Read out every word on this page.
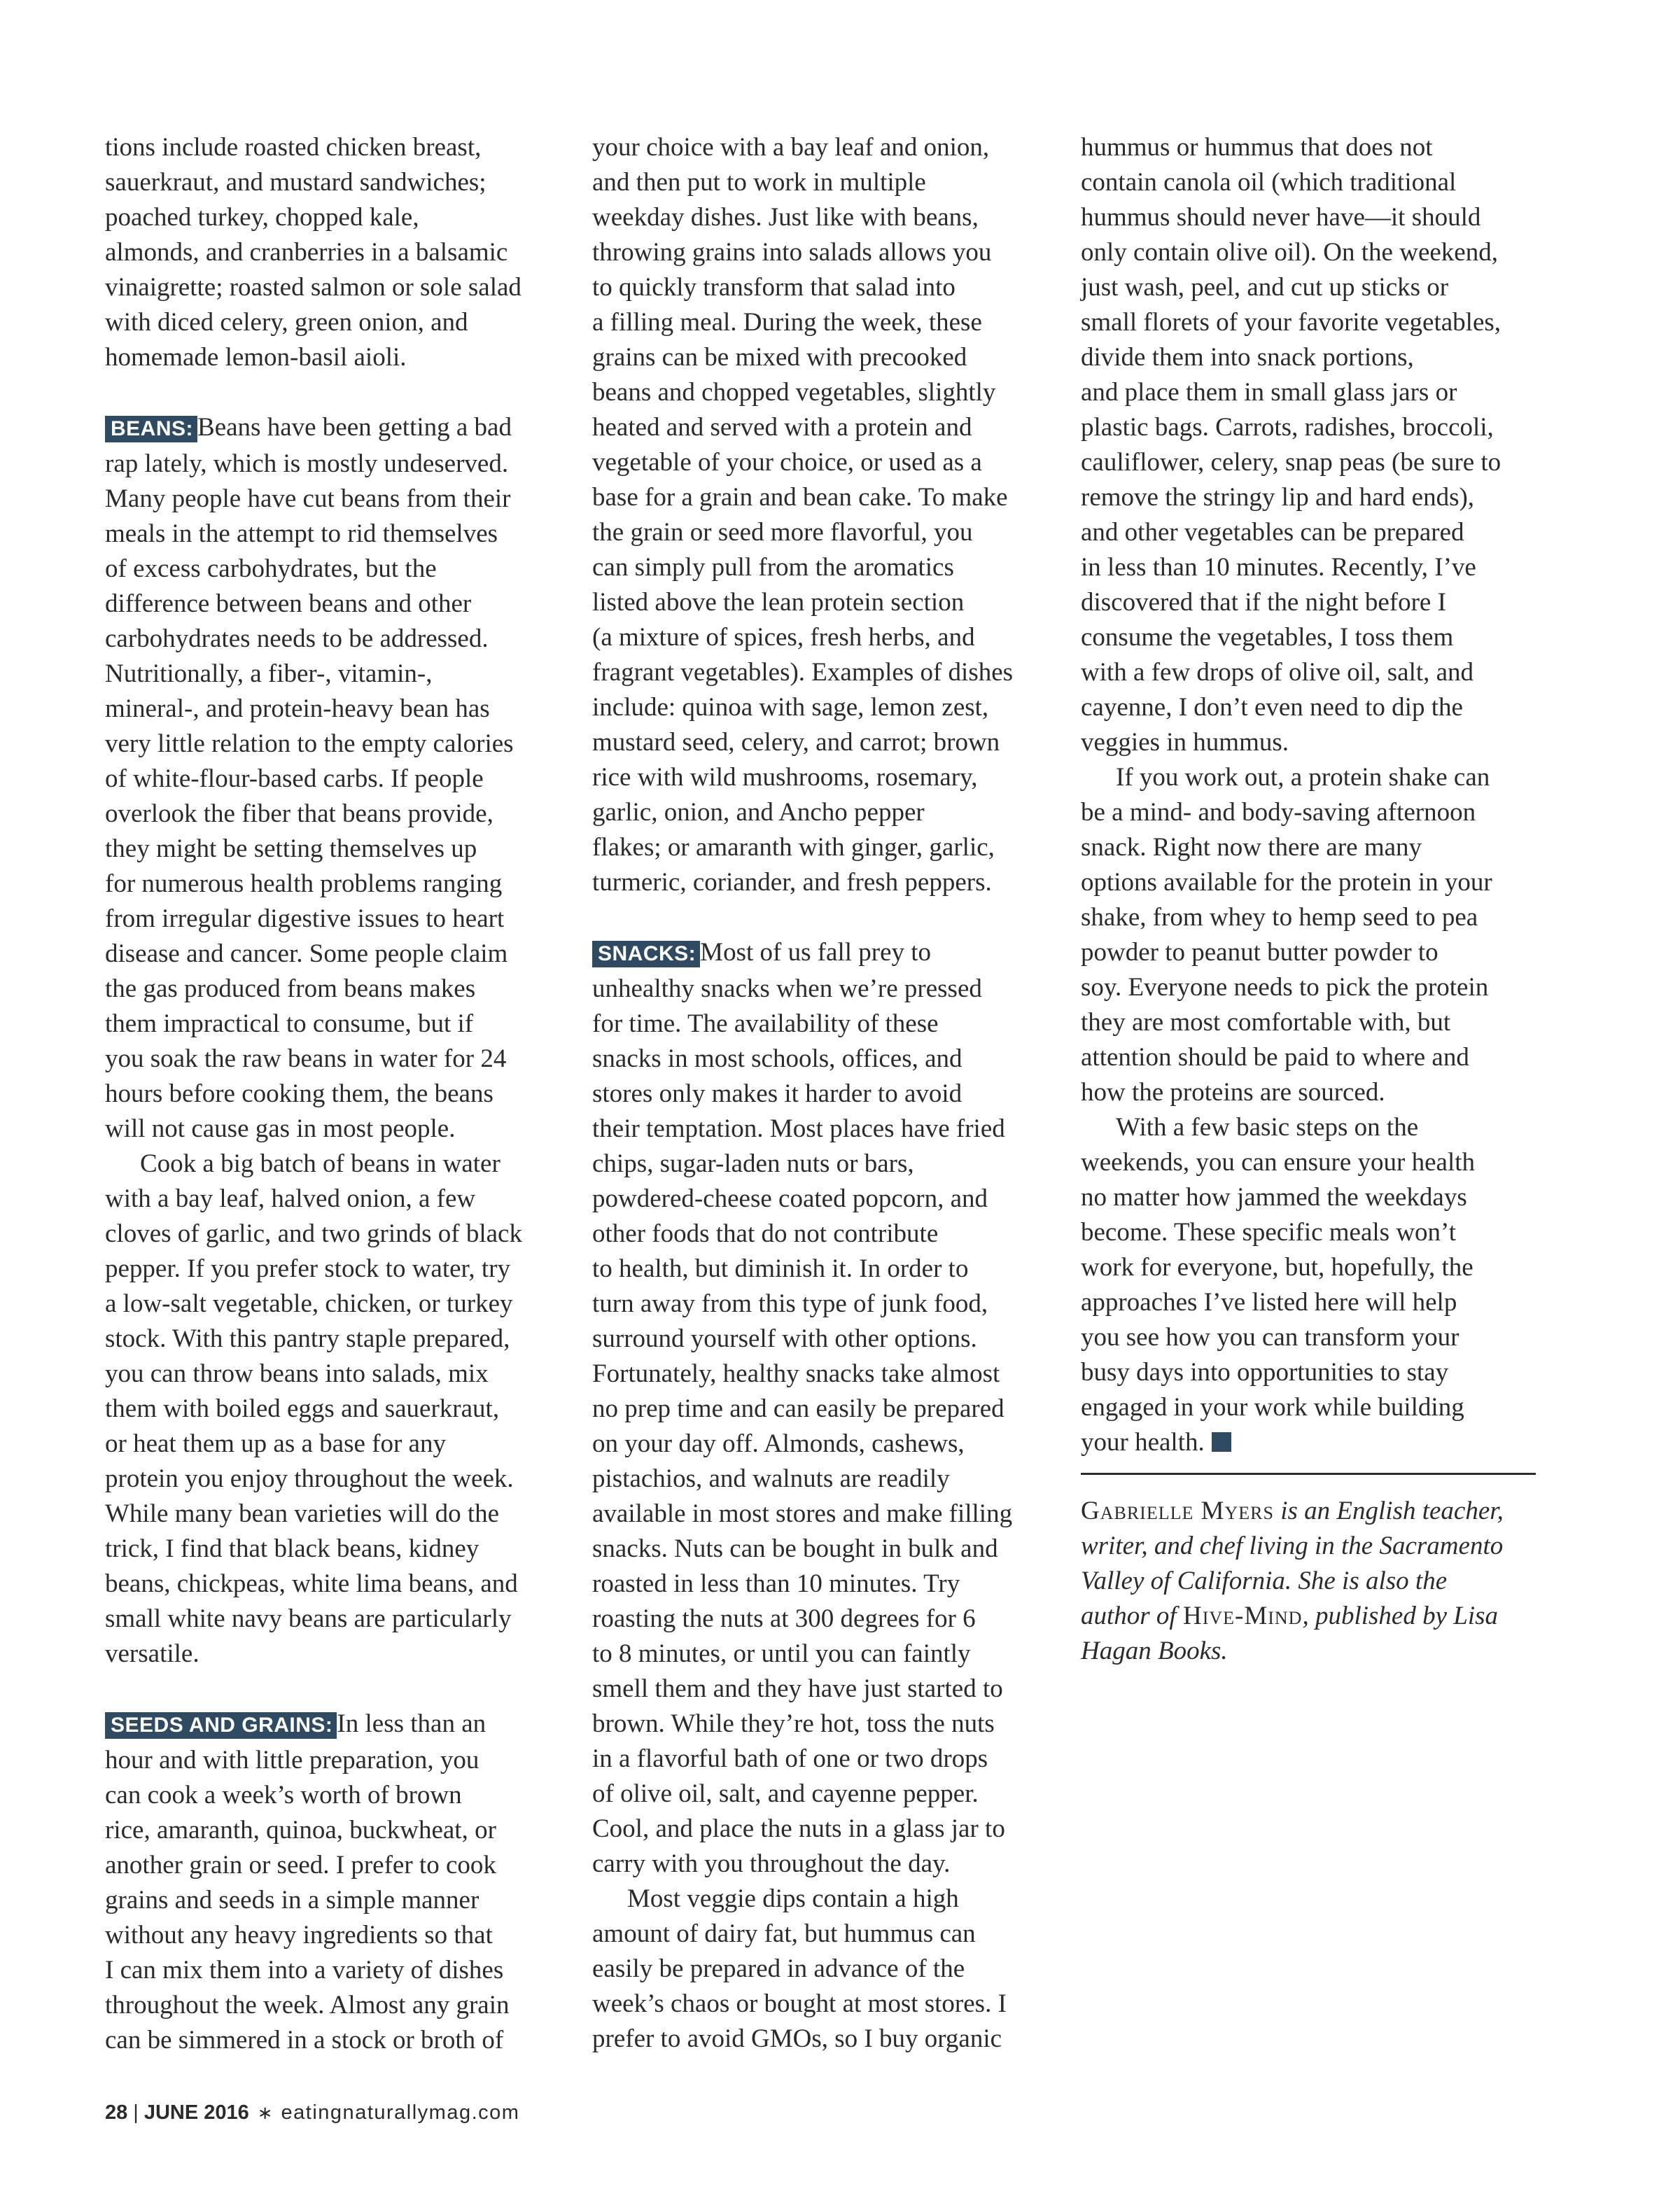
tions include roasted chicken breast,
sauerkraut, and mustard sandwiches;
poached turkey, chopped kale,
almonds, and cranberries in a balsamic
vinaigrette; roasted salmon or sole salad
with diced celery, green onion, and
homemade lemon-basil aioli.

BEANS: Beans have been getting a bad
rap lately, which is mostly undeserved.
Many people have cut beans from their
meals in the attempt to rid themselves
of excess carbohydrates, but the
difference between beans and other
carbohydrates needs to be addressed.
Nutritionally, a fiber-, vitamin-,
mineral-, and protein-heavy bean has
very little relation to the empty calories
of white-flour-based carbs. If people
overlook the fiber that beans provide,
they might be setting themselves up
for numerous health problems ranging
from irregular digestive issues to heart
disease and cancer. Some people claim
the gas produced from beans makes
them impractical to consume, but if
you soak the raw beans in water for 24
hours before cooking them, the beans
will not cause gas in most people.

Cook a big batch of beans in water
with a bay leaf, halved onion, a few
cloves of garlic, and two grinds of black
pepper. If you prefer stock to water, try
a low-salt vegetable, chicken, or turkey
stock. With this pantry staple prepared,
you can throw beans into salads, mix
them with boiled eggs and sauerkraut,
or heat them up as a base for any
protein you enjoy throughout the week.
While many bean varieties will do the
trick, I find that black beans, kidney
beans, chickpeas, white lima beans, and
small white navy beans are particularly
versatile.

SEEDS AND GRAINS: In less than an
hour and with little preparation, you
can cook a week’s worth of brown
rice, amaranth, quinoa, buckwheat, or
another grain or seed. I prefer to cook
grains and seeds in a simple manner
without any heavy ingredients so that
I can mix them into a variety of dishes
throughout the week. Almost any grain
can be simmered in a stock or broth of

your choice with a bay leaf and onion,
and then put to work in multiple
weekday dishes. Just like with beans,
throwing grains into salads allows you
to quickly transform that salad into
a filling meal. During the week, these
grains can be mixed with precooked
beans and chopped vegetables, slightly
heated and served with a protein and
vegetable of your choice, or used as a
base for a grain and bean cake. To make
the grain or seed more flavorful, you
can simply pull from the aromatics
listed above the lean protein section
(a mixture of spices, fresh herbs, and
fragrant vegetables). Examples of dishes
include: quinoa with sage, lemon zest,
mustard seed, celery, and carrot; brown
rice with wild mushrooms, rosemary,
garlic, onion, and Ancho pepper
flakes; or amaranth with ginger, garlic,
turmeric, coriander, and fresh peppers.

SNACKS: Most of us fall prey to
unhealthy snacks when we’re pressed
for time. The availability of these
snacks in most schools, offices, and
stores only makes it harder to avoid
their temptation. Most places have fried
chips, sugar-laden nuts or bars,
powdered-cheese coated popcorn, and
other foods that do not contribute
to health, but diminish it. In order to
turn away from this type of junk food,
surround yourself with other options.
Fortunately, healthy snacks take almost
no prep time and can easily be prepared
on your day off. Almonds, cashews,
pistachios, and walnuts are readily
available in most stores and make filling
snacks. Nuts can be bought in bulk and
roasted in less than 10 minutes. Try
roasting the nuts at 300 degrees for 6
to 8 minutes, or until you can faintly
smell them and they have just started to
brown. While they’re hot, toss the nuts
in a flavorful bath of one or two drops
of olive oil, salt, and cayenne pepper.
Cool, and place the nuts in a glass jar to
carry with you throughout the day.

Most veggie dips contain a high
amount of dairy fat, but hummus can
easily be prepared in advance of the
week’s chaos or bought at most stores. I
prefer to avoid GMOs, so I buy organic

hummus or hummus that does not
contain canola oil (which traditional
hummus should never have—it should
only contain olive oil). On the weekend,
just wash, peel, and cut up sticks or
small florets of your favorite vegetables,
divide them into snack portions,
and place them in small glass jars or
plastic bags. Carrots, radishes, broccoli,
cauliflower, celery, snap peas (be sure to
remove the stringy lip and hard ends),
and other vegetables can be prepared
in less than 10 minutes. Recently, I’ve
discovered that if the night before I
consume the vegetables, I toss them
with a few drops of olive oil, salt, and
cayenne, I don’t even need to dip the
veggies in hummus.

If you work out, a protein shake can
be a mind- and body-saving afternoon
snack. Right now there are many
options available for the protein in your
shake, from whey to hemp seed to pea
powder to peanut butter powder to
soy. Everyone needs to pick the protein
they are most comfortable with, but
attention should be paid to where and
how the proteins are sourced.

With a few basic steps on the
weekends, you can ensure your health
no matter how jammed the weekdays
become. These specific meals won’t
work for everyone, but, hopefully, the
approaches I’ve listed here will help
you see how you can transform your
busy days into opportunities to stay
engaged in your work while building
your health.

Gabrielle Myers is an English teacher,
writer, and chef living in the Sacramento
Valley of California. She is also the
author of Hive-Mind, published by Lisa
Hagan Books.
28 | JUNE 2016 ∗ eatingnaturallymag.com
